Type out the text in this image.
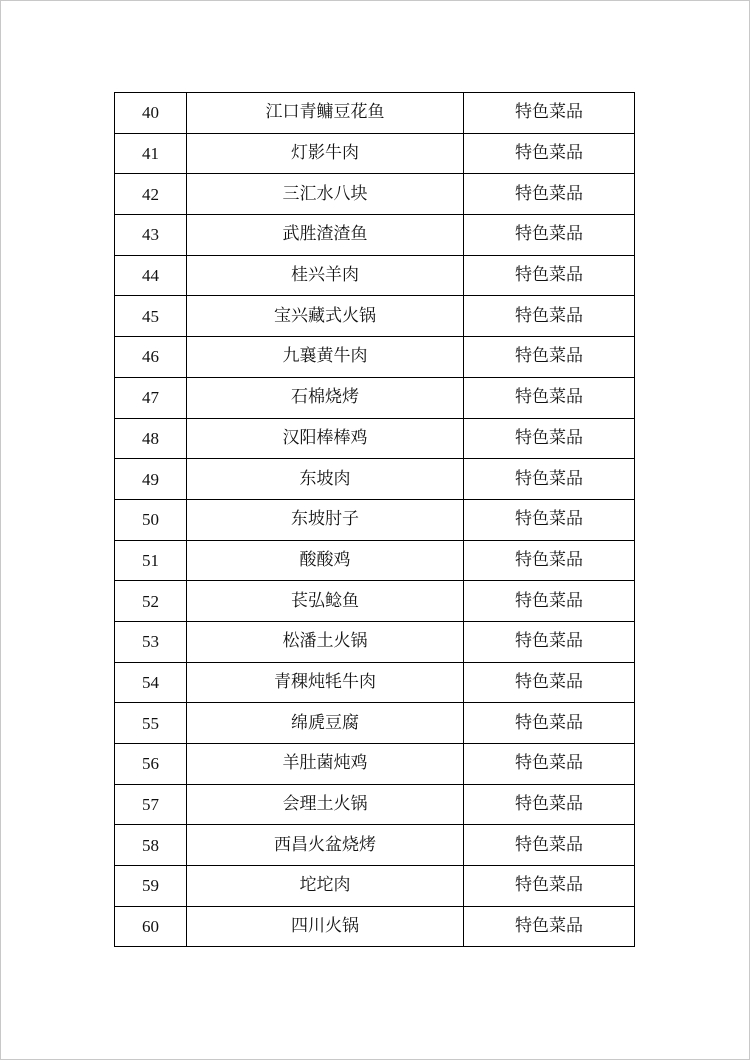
40	江口青鳙豆花鱼	特色菜品
41	灯影牛肉	特色菜品
42	三汇水八块	特色菜品
43	武胜渣渣鱼	特色菜品
44	桂兴羊肉	特色菜品
45	宝兴藏式火锅	特色菜品
46	九襄黄牛肉	特色菜品
47	石棉烧烤	特色菜品
48	汉阳棒棒鸡	特色菜品
49	东坡肉	特色菜品
50	东坡肘子	特色菜品
51	酸酸鸡	特色菜品
52	苌弘鲶鱼	特色菜品
53	松潘土火锅	特色菜品
54	青稞炖牦牛肉	特色菜品
55	绵虒豆腐	特色菜品
56	羊肚菌炖鸡	特色菜品
57	会理土火锅	特色菜品
58	西昌火盆烧烤	特色菜品
59	坨坨肉	特色菜品
60	四川火锅	特色菜品
